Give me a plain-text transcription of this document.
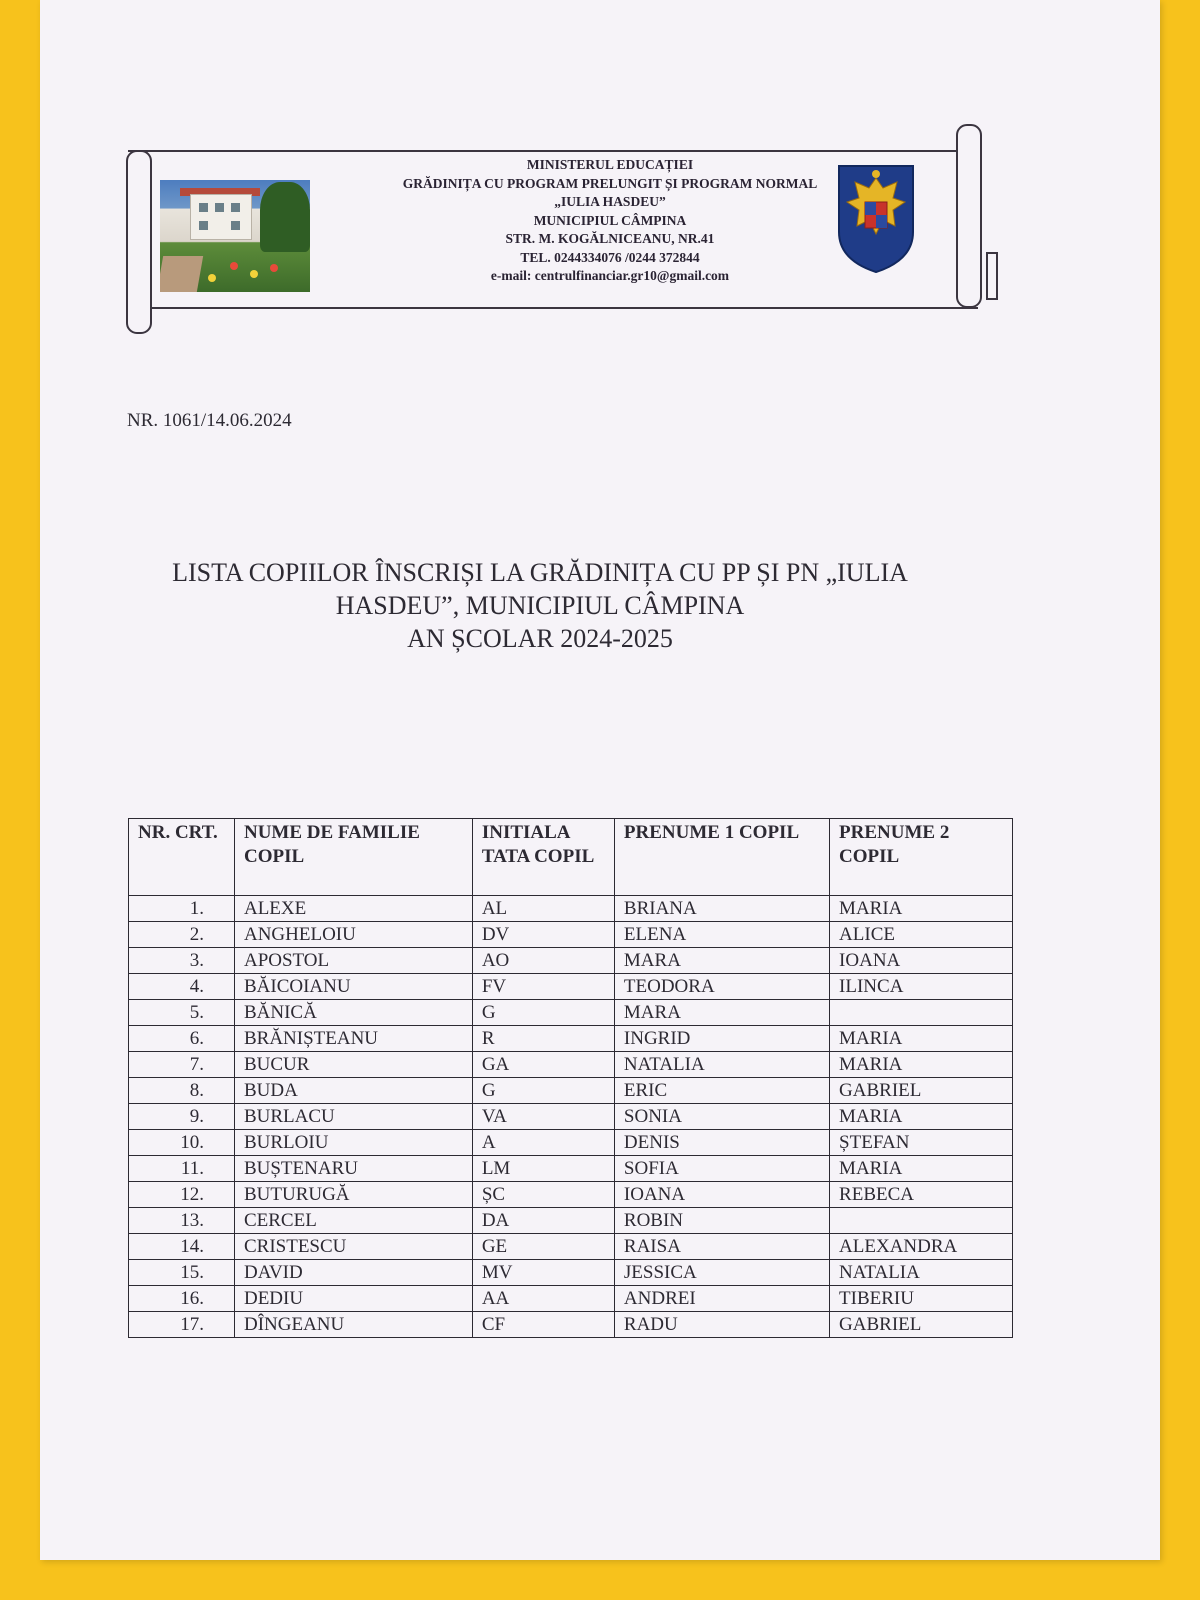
MINISTERUL EDUCAȚIEI
GRĂDINIȚA CU PROGRAM PRELUNGIT ȘI PROGRAM NORMAL
„IULIA HASDEU”
MUNICIPIUL CÂMPINA
STR. M. KOGĂLNICEANU, NR.41
TEL. 0244334076 /0244 372844
e-mail: centrulfinanciar.gr10@gmail.com
NR. 1061/14.06.2024
LISTA COPIILOR ÎNSCRIȘI LA GRĂDINIȚA CU PP ȘI PN „IULIA
HASDEU”, MUNICIPIUL CÂMPINA
AN ȘCOLAR 2024-2025
NR. CRT.	NUME DE FAMILIE COPIL	INITIALA TATA COPIL	PRENUME 1 COPIL	PRENUME 2 COPIL
1.	ALEXE	AL	BRIANA	MARIA
2.	ANGHELOIU	DV	ELENA	ALICE
3.	APOSTOL	AO	MARA	IOANA
4.	BĂICOIANU	FV	TEODORA	ILINCA
5.	BĂNICĂ	G	MARA	
6.	BRĂNIȘTEANU	R	INGRID	MARIA
7.	BUCUR	GA	NATALIA	MARIA
8.	BUDA	G	ERIC	GABRIEL
9.	BURLACU	VA	SONIA	MARIA
10.	BURLOIU	A	DENIS	ȘTEFAN
11.	BUȘTENARU	LM	SOFIA	MARIA
12.	BUTURUGĂ	ȘC	IOANA	REBECA
13.	CERCEL	DA	ROBIN	
14.	CRISTESCU	GE	RAISA	ALEXANDRA
15.	DAVID	MV	JESSICA	NATALIA
16.	DEDIU	AA	ANDREI	TIBERIU
17.	DÎNGEANU	CF	RADU	GABRIEL
